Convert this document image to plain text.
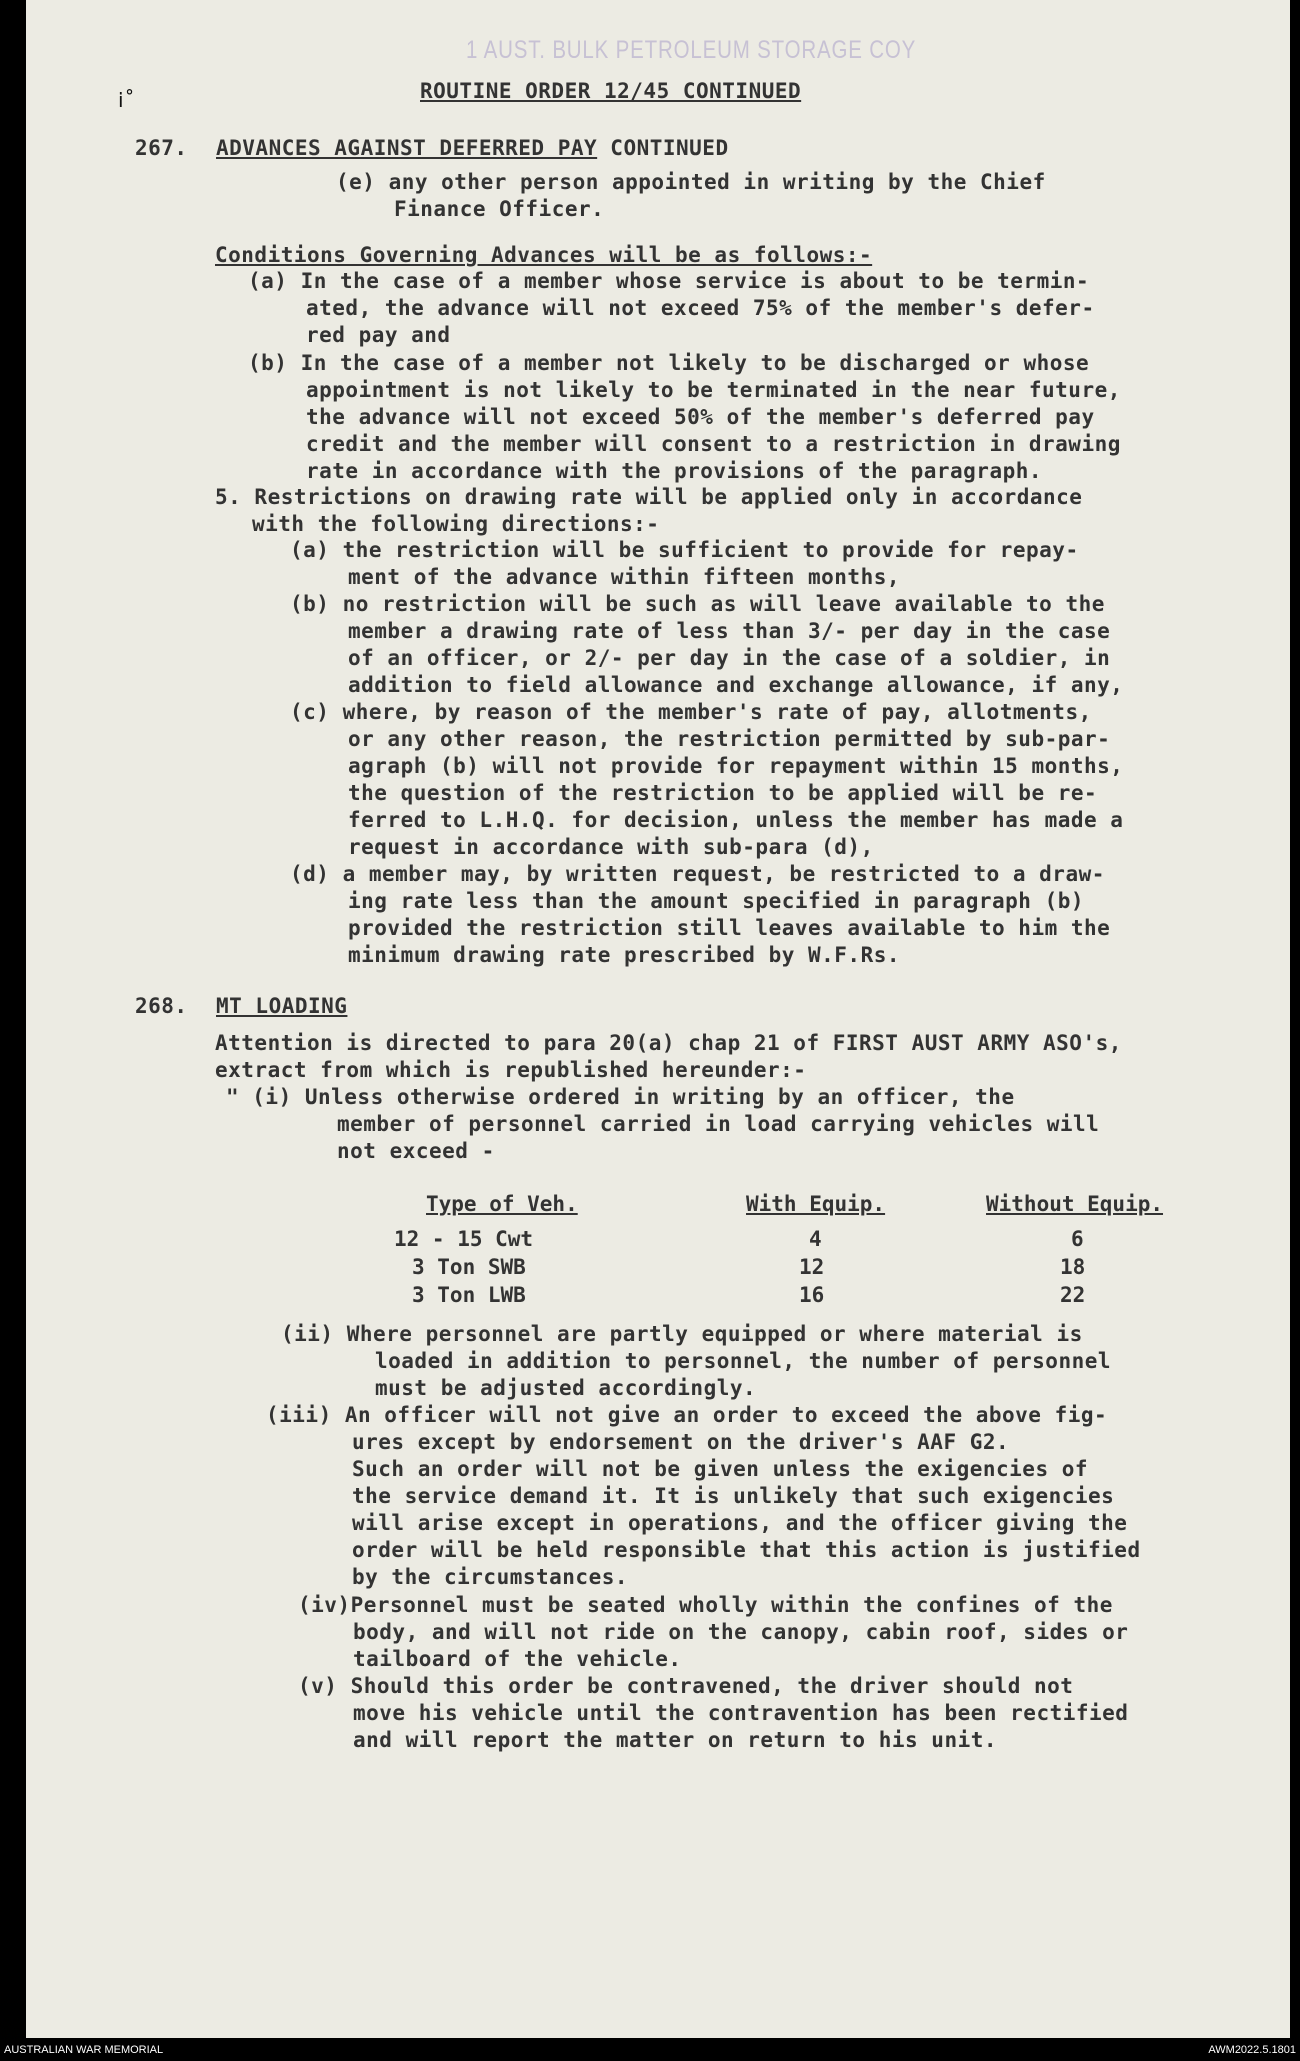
1 AUST. BULK PETROLEUM STORAGE COY
ⅰ˚	ROUTINE ORDER 12/45 CONTINUED
267. ADVANCES AGAINST DEFERRED PAY CONTINUED
(e) any other person appointed in writing by the Chief
Finance Officer.
Conditions Governing Advances will be as follows:-
(a) In the case of a member whose service is about to be termin-
ated, the advance will not exceed 75% of the member's defer-
red pay and
(b) In the case of a member not likely to be discharged or whose
appointment is not likely to be terminated in the near future,
the advance will not exceed 50% of the member's deferred pay
credit and the member will consent to a restriction in drawing
rate in accordance with the provisions of the paragraph.
5. Restrictions on drawing rate will be applied only in accordance
with the following directions:-
(a) the restriction will be sufficient to provide for repay-
ment of the advance within fifteen months,
(b) no restriction will be such as will leave available to the
member a drawing rate of less than 3/- per day in the case
of an officer, or 2/- per day in the case of a soldier, in
addition to field allowance and exchange allowance, if any,
(c) where, by reason of the member's rate of pay, allotments,
or any other reason, the restriction permitted by sub-par-
agraph (b) will not provide for repayment within 15 months,
the question of the restriction to be applied will be re-
ferred to L.H.Q. for decision, unless the member has made a
request in accordance with sub-para (d),
(d) a member may, by written request, be restricted to a draw-
ing rate less than the amount specified in paragraph (b)
provided the restriction still leaves available to him the
minimum drawing rate prescribed by W.F.Rs.
268. MT LOADING
Attention is directed to para 20(a) chap 21 of FIRST AUST ARMY ASO's,
extract from which is republished hereunder:-
" (i) Unless otherwise ordered in writing by an officer, the
member of personnel carried in load carrying vehicles will
not exceed -
Type of Veh.	With Equip.	Without Equip.
12 - 15 Cwt	4	6
3 Ton SWB	12	18
3 Ton LWB	16	22
(ii) Where personnel are partly equipped or where material is
loaded in addition to personnel, the number of personnel
must be adjusted accordingly.
(iii) An officer will not give an order to exceed the above fig-
ures except by endorsement on the driver's AAF G2.
Such an order will not be given unless the exigencies of
the service demand it. It is unlikely that such exigencies
will arise except in operations, and the officer giving the
order will be held responsible that this action is justified
by the circumstances.
(iv)Personnel must be seated wholly within the confines of the
body, and will not ride on the canopy, cabin roof, sides or
tailboard of the vehicle.
(v) Should this order be contravened, the driver should not
move his vehicle until the contravention has been rectified
and will report the matter on return to his unit.
AUSTRALIAN WAR MEMORIAL	AWM2022.5.1801
